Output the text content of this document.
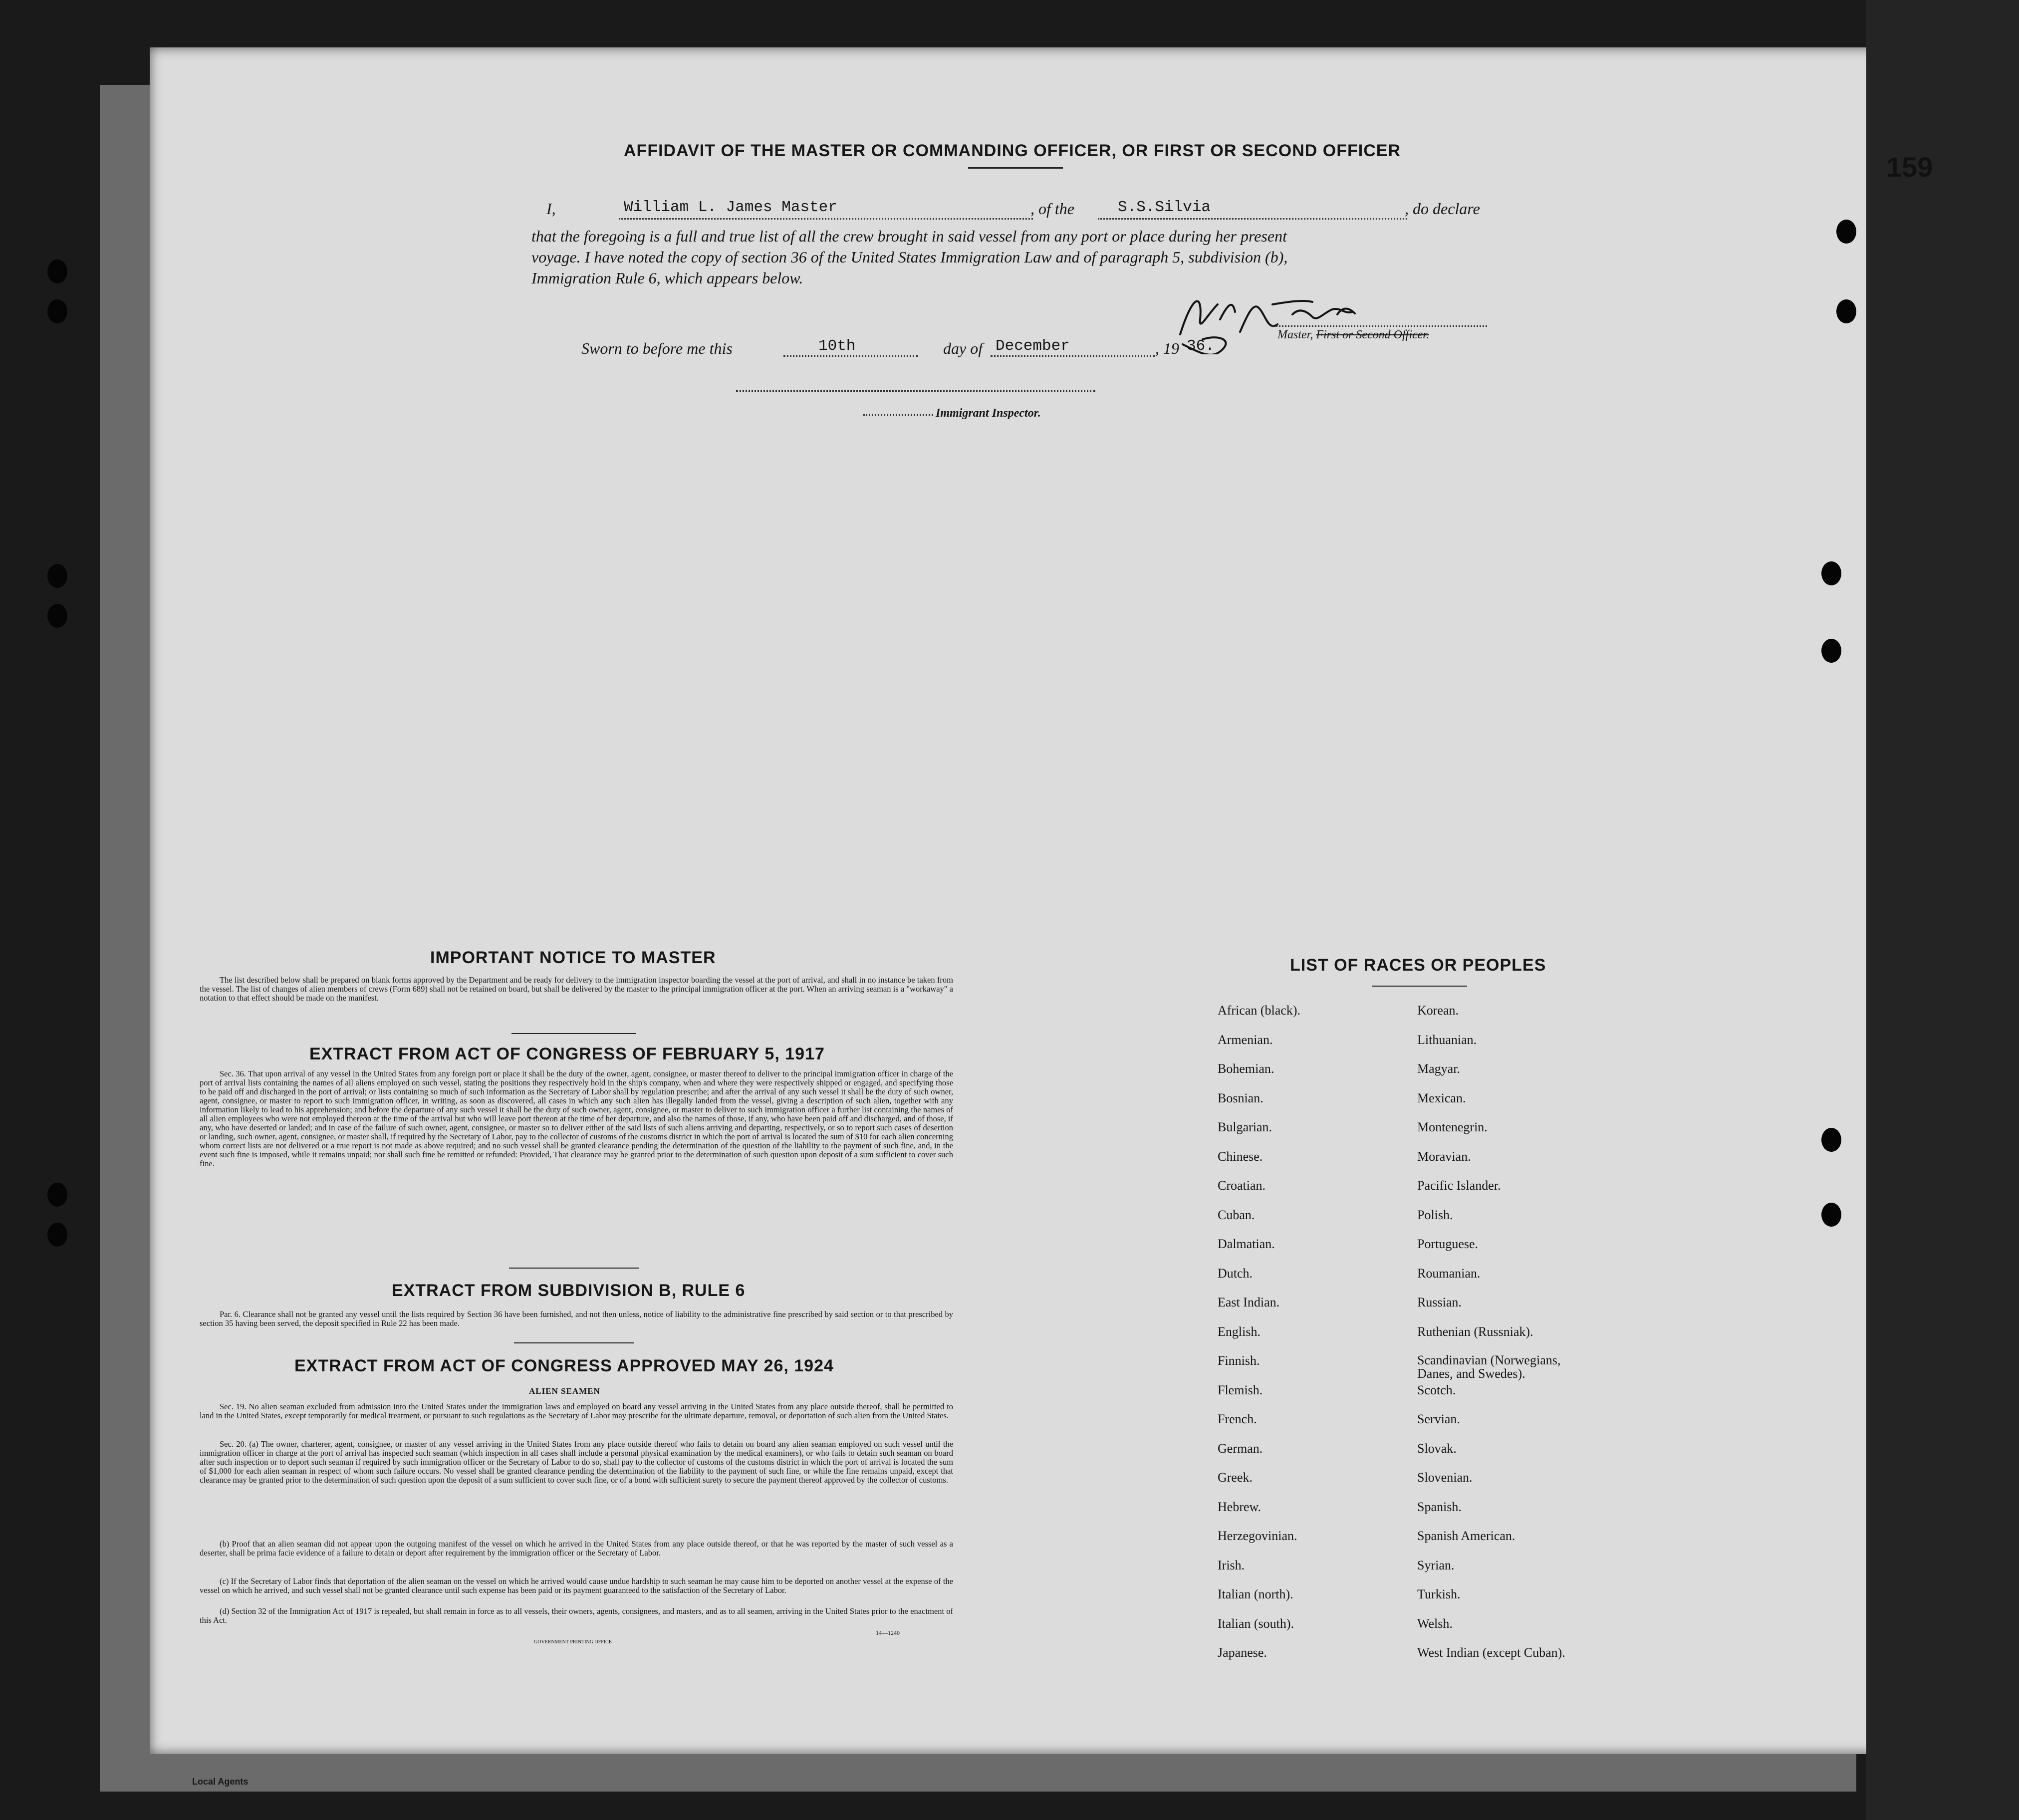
159
AFFIDAVIT OF THE MASTER OR COMMANDING OFFICER, OR FIRST OR SECOND OFFICER
I,	William L. James Master	, of the	S.S.Silvia	, do declare
that the foregoing is a full and true list of all the crew brought in said vessel from any port or place during her present
voyage. I have noted the copy of section 36 of the United States Immigration Law and of paragraph 5, subdivision (b),
Immigration Rule 6, which appears below.
Sworn to before me this	10th	day of December	, 19 36.
Master, First or Second Officer.
Immigrant Inspector.
IMPORTANT NOTICE TO MASTER
The list described below shall be prepared on blank forms approved by the Department and be ready for delivery to the immigration inspector boarding the vessel at the port of arrival, and shall in no instance be taken from the vessel. The list of changes of alien members of crews (Form 689) shall not be retained on board, but shall be delivered by the master to the principal immigration officer at the port. When an arriving seaman is a "workaway" a notation to that effect should be made on the manifest.
EXTRACT FROM ACT OF CONGRESS OF FEBRUARY 5, 1917
Sec. 36. That upon arrival of any vessel in the United States from any foreign port or place it shall be the duty of the owner, agent, consignee, or master thereof to deliver to the principal immigration officer in charge of the port of arrival lists containing the names of all aliens employed on such vessel, stating the positions they respectively hold in the ship's company, when and where they were respectively shipped or engaged, and specifying those to be paid off and discharged in the port of arrival; or lists containing so much of such information as the Secretary of Labor shall by regulation prescribe; and after the arrival of any such vessel it shall be the duty of such owner, agent, consignee, or master to report to such immigration officer, in writing, as soon as discovered, all cases in which any such alien has illegally landed from the vessel, giving a description of such alien, together with any information likely to lead to his apprehension; and before the departure of any such vessel it shall be the duty of such owner, agent, consignee, or master to deliver to such immigration officer a further list containing the names of all alien employees who were not employed thereon at the time of the arrival but who will leave port thereon at the time of her departure, and also the names of those, if any, who have been paid off and discharged, and of those, if any, who have deserted or landed; and in case of the failure of such owner, agent, consignee, or master so to deliver either of the said lists of such aliens arriving and departing, respectively, or so to report such cases of desertion or landing, such owner, agent, consignee, or master shall, if required by the Secretary of Labor, pay to the collector of customs of the customs district in which the port of arrival is located the sum of $10 for each alien concerning whom correct lists are not delivered or a true report is not made as above required; and no such vessel shall be granted clearance pending the determination of the question of the liability to the payment of such fine, and, in the event such fine is imposed, while it remains unpaid; nor shall such fine be remitted or refunded: Provided, That clearance may be granted prior to the determination of such question upon deposit of a sum sufficient to cover such fine.
EXTRACT FROM SUBDIVISION B, RULE 6
Par. 6. Clearance shall not be granted any vessel until the lists required by Section 36 have been furnished, and not then unless, notice of liability to the administrative fine prescribed by said section or to that prescribed by section 35 having been served, the deposit specified in Rule 22 has been made.
EXTRACT FROM ACT OF CONGRESS APPROVED MAY 26, 1924
ALIEN SEAMEN
Sec. 19. No alien seaman excluded from admission into the United States under the immigration laws and employed on board any vessel arriving in the United States from any place outside thereof, shall be permitted to land in the United States, except temporarily for medical treatment, or pursuant to such regulations as the Secretary of Labor may prescribe for the ultimate departure, removal, or deportation of such alien from the United States.
Sec. 20. (a) The owner, charterer, agent, consignee, or master of any vessel arriving in the United States from any place outside thereof who fails to detain on board any alien seaman employed on such vessel until the immigration officer in charge at the port of arrival has inspected such seaman (which inspection in all cases shall include a personal physical examination by the medical examiners), or who fails to detain such seaman on board after such inspection or to deport such seaman if required by such immigration officer or the Secretary of Labor to do so, shall pay to the collector of customs of the customs district in which the port of arrival is located the sum of $1,000 for each alien seaman in respect of whom such failure occurs. No vessel shall be granted clearance pending the determination of the liability to the payment of such fine, or while the fine remains unpaid, except that clearance may be granted prior to the determination of such question upon the deposit of a sum sufficient to cover such fine, or of a bond with sufficient surety to secure the payment thereof approved by the collector of customs.
(b) Proof that an alien seaman did not appear upon the outgoing manifest of the vessel on which he arrived in the United States from any place outside thereof, or that he was reported by the master of such vessel as a deserter, shall be prima facie evidence of a failure to detain or deport after requirement by the immigration officer or the Secretary of Labor.
(c) If the Secretary of Labor finds that deportation of the alien seaman on the vessel on which he arrived would cause undue hardship to such seaman he may cause him to be deported on another vessel at the expense of the vessel on which he arrived, and such vessel shall not be granted clearance until such expense has been paid or its payment guaranteed to the satisfaction of the Secretary of Labor.
(d) Section 32 of the Immigration Act of 1917 is repealed, but shall remain in force as to all vessels, their owners, agents, consignees, and masters, and as to all seamen, arriving in the United States prior to the enactment of this Act.
GOVERNMENT PRINTING OFFICE
14—1240
LIST OF RACES OR PEOPLES
African (black).
Armenian.
Bohemian.
Bosnian.
Bulgarian.
Chinese.
Croatian.
Cuban.
Dalmatian.
Dutch.
East Indian.
English.
Finnish.
Flemish.
French.
German.
Greek.
Hebrew.
Herzegovinian.
Irish.
Italian (north).
Italian (south).
Japanese.
Korean.
Lithuanian.
Magyar.
Mexican.
Montenegrin.
Moravian.
Pacific Islander.
Polish.
Portuguese.
Roumanian.
Russian.
Ruthenian (Russniak).
Scandinavian (Norwegians, Danes, and Swedes).
Scotch.
Servian.
Slovak.
Slovenian.
Spanish.
Spanish American.
Syrian.
Turkish.
Welsh.
West Indian (except Cuban).
Local Agents
